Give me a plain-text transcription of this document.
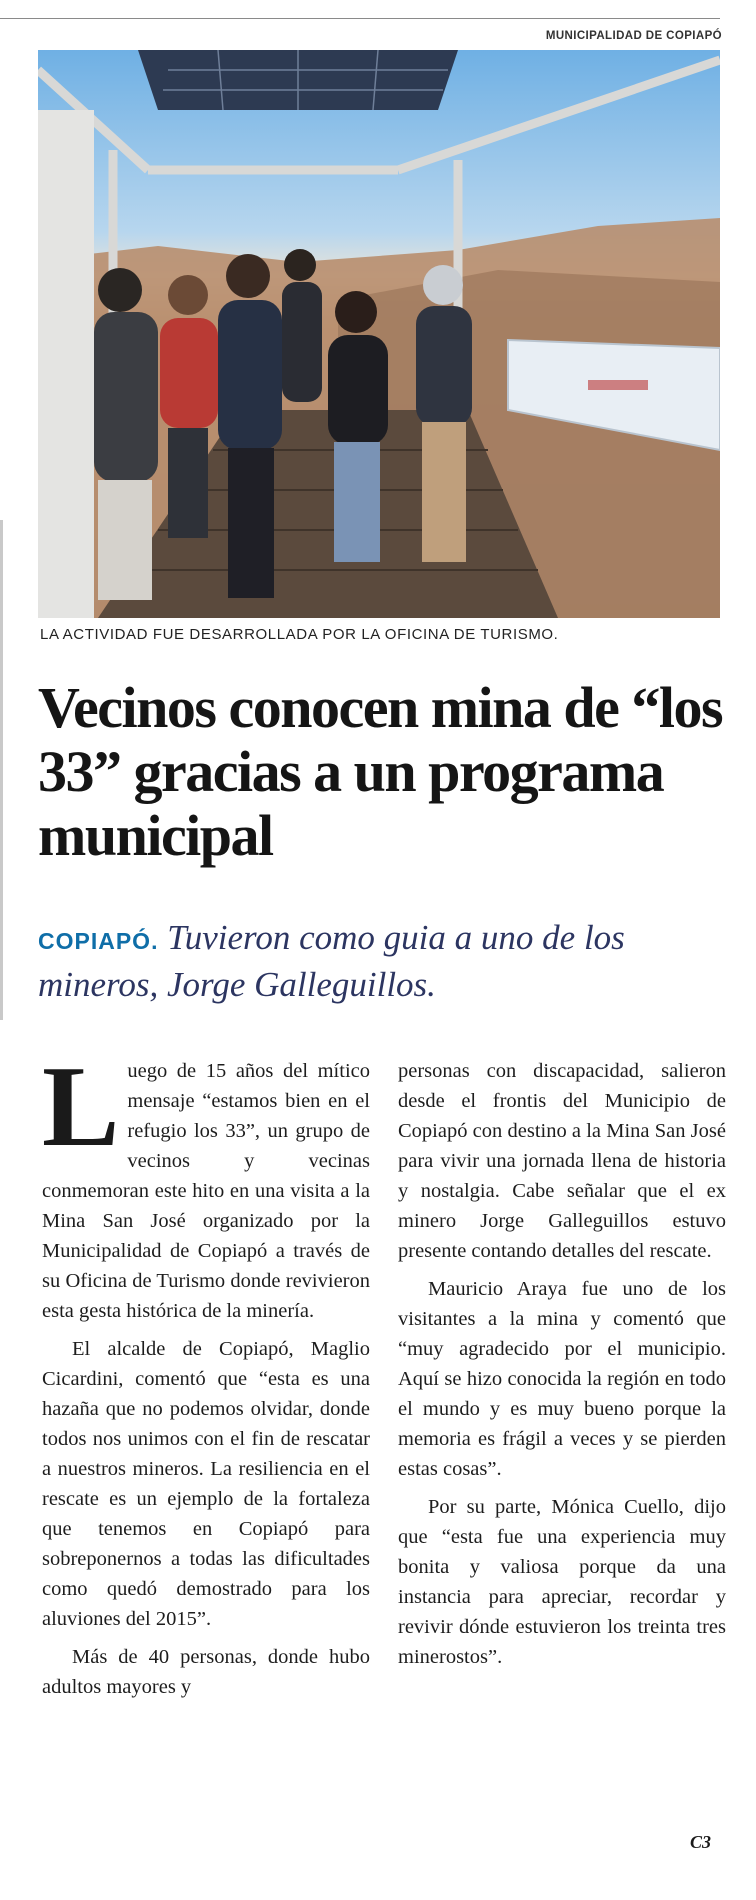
MUNICIPALIDAD DE COPIAPÓ
LA ACTIVIDAD FUE DESARROLLADA POR LA OFICINA DE TURISMO.
Vecinos conocen mina de “los 33” gracias a un programa municipal

COPIAPÓ. Tuvieron como guia a uno de los mineros, Jorge Galleguillos.

Luego de 15 años del mítico mensaje “estamos bien en el refugio los 33”, un grupo de vecinos y vecinas conmemoran este hito en una visita a la Mina San José organizado por la Municipalidad de Copiapó a través de su Oficina de Turismo donde revivieron esta gesta histórica de la minería.

El alcalde de Copiapó, Maglio Cicardini, comentó que “esta es una hazaña que no podemos olvidar, donde todos nos unimos con el fin de rescatar a nuestros mineros. La resiliencia en el rescate es un ejemplo de la fortaleza que tenemos en Copiapó para sobreponernos a todas las dificultades como quedó demostrado para los aluviones del 2015”.

Más de 40 personas, donde hubo adultos mayores y

personas con discapacidad, salieron desde el frontis del Municipio de Copiapó con destino a la Mina San José para vivir una jornada llena de historia y nostalgia. Cabe señalar que el ex minero Jorge Galleguillos estuvo presente contando detalles del rescate.

Mauricio Araya fue uno de los visitantes a la mina y comentó que “muy agradecido por el municipio. Aquí se hizo conocida la región en todo el mundo y es muy bueno porque la memoria es frágil a veces y se pierden estas cosas”.

Por su parte, Mónica Cuello, dijo que “esta fue una experiencia muy bonita y valiosa porque da una instancia para apreciar, recordar y revivir dónde estuvieron los treinta tres minerostos”.

C3
